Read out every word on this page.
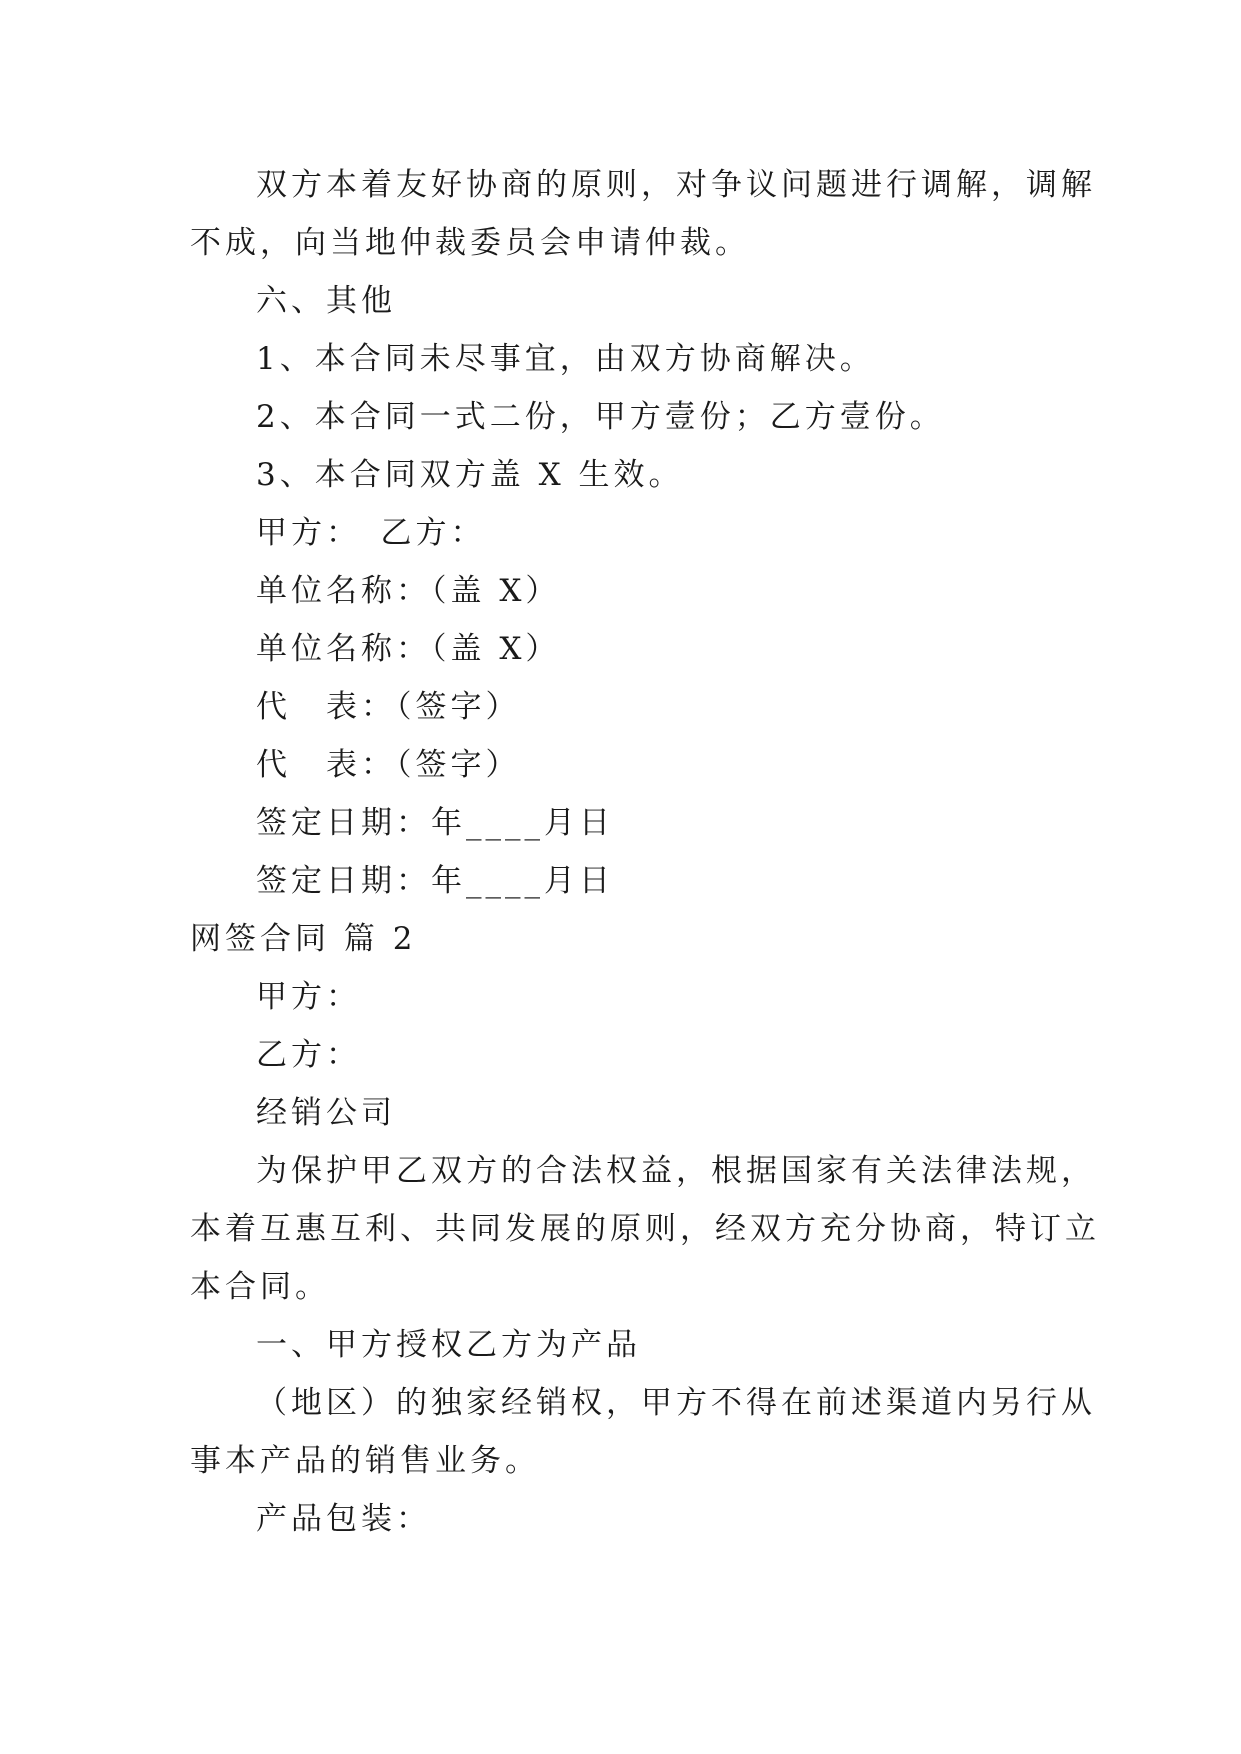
双方本着友好协商的原则，对争议问题进行调解，调解
不成，向当地仲裁委员会申请仲裁。
六、其他
1、本合同未尽事宜，由双方协商解决。
2、本合同一式二份，甲方壹份；乙方壹份。
3、本合同双方盖 X 生效。
甲方：　乙方：
单位名称：（盖 X）
单位名称：（盖 X）
代　表：（签字）
代　表：（签字）
签定日期：年____月日
签定日期：年____月日
网签合同 篇 2
甲方：
乙方：
经销公司
为保护甲乙双方的合法权益，根据国家有关法律法规，
本着互惠互利、共同发展的原则，经双方充分协商，特订立
本合同。
一、甲方授权乙方为产品
（地区）的独家经销权，甲方不得在前述渠道内另行从
事本产品的销售业务。
产品包装：
